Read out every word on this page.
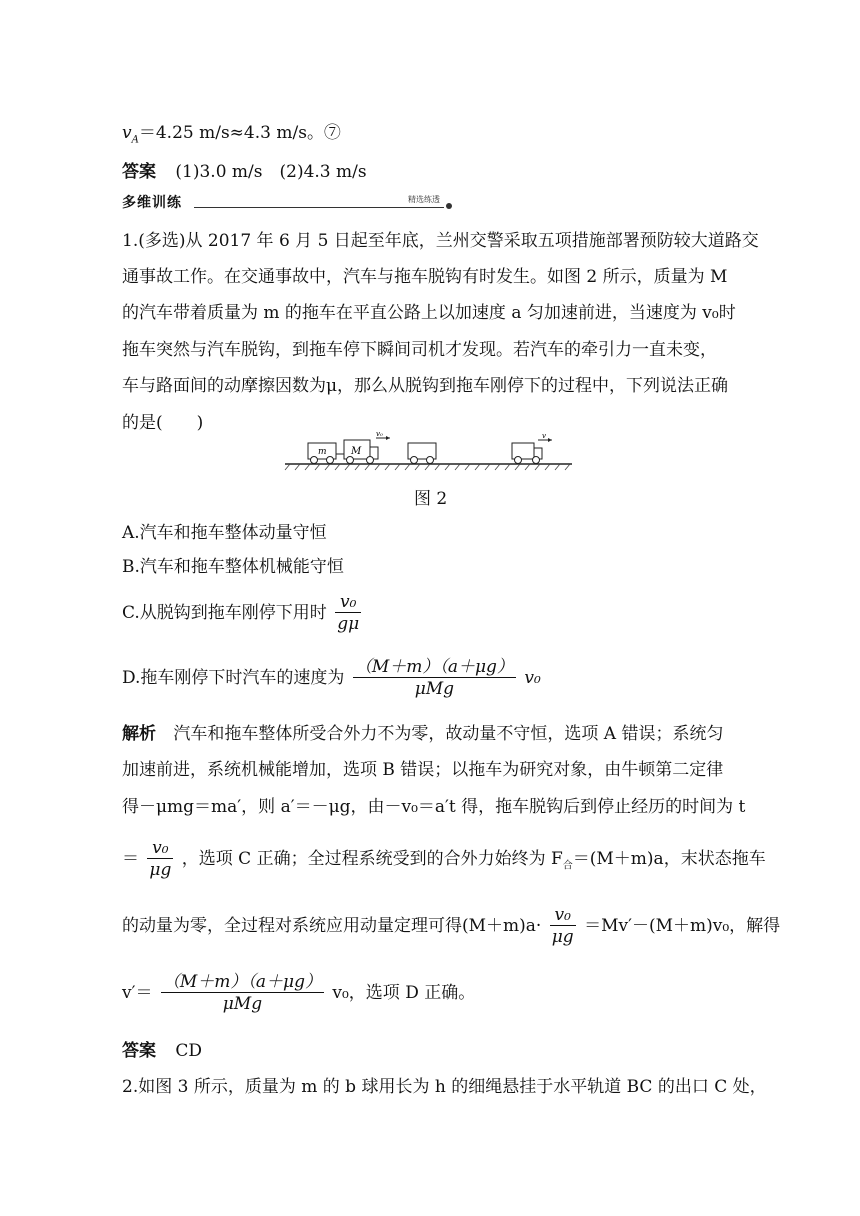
$v_A=4.25$ m/s≈4.3 m/s。⑦
答案 (1)3.0 m/s　(2)4.3 m/s
多维训练	精选练透
1.(多选)从 2017 年 6 月 5 日起至年底，兰州交警采取五项措施部署预防较大道路交
通事故工作。在交通事故中，汽车与拖车脱钩有时发生。如图 2 所示，质量为 M
的汽车带着质量为 m 的拖车在平直公路上以加速度 a 匀加速前进，当速度为 v₀时
拖车突然与汽车脱钩，到拖车停下瞬间司机才发现。若汽车的牵引力一直未变，
车与路面间的动摩擦因数为μ，那么从脱钩到拖车刚停下的过程中，下列说法正确
的是(　　)
m M
v₀	v
图 2
A.汽车和拖车整体动量守恒
B.汽车和拖车整体机械能守恒
C.从脱钩到拖车刚停下用时 $\frac{\text{v₀}}{g\mu}$
D.拖车刚停下时汽车的速度为 $\frac{(M+m)(a+\mu g)}{\text{μMg}} v_0$
解析 汽车和拖车整体所受合外力不为零，故动量不守恒，选项 A 错误；系统匀
加速前进，系统机械能增加，选项 B 错误；以拖车为研究对象，由牛顿第二定律
得－μmg＝ma′，则 a′＝－μg，由－v₀＝a′t 得，拖车脱钩后到停止经历的时间为 t
＝ $\frac{\text{v₀}}{\mu g}$ ，选项 C 正确；全过程系统受到的合外力始终为 $F_合=(M+m)a$，末状态拖车
的动量为零，全过程对系统应用动量定理可得$(M+m)a\cdot \frac{\text{v₀}}{\mu g} =Mv'-(M+m)v_0$，解得
$v'= \frac{(M+m)(a+\mu g)}{\text{μMg}} v_0$，选项 D 正确。
答案 CD
2.如图 3 所示，质量为 m 的 b 球用长为 h 的细绳悬挂于水平轨道 BC 的出口 C 处，
